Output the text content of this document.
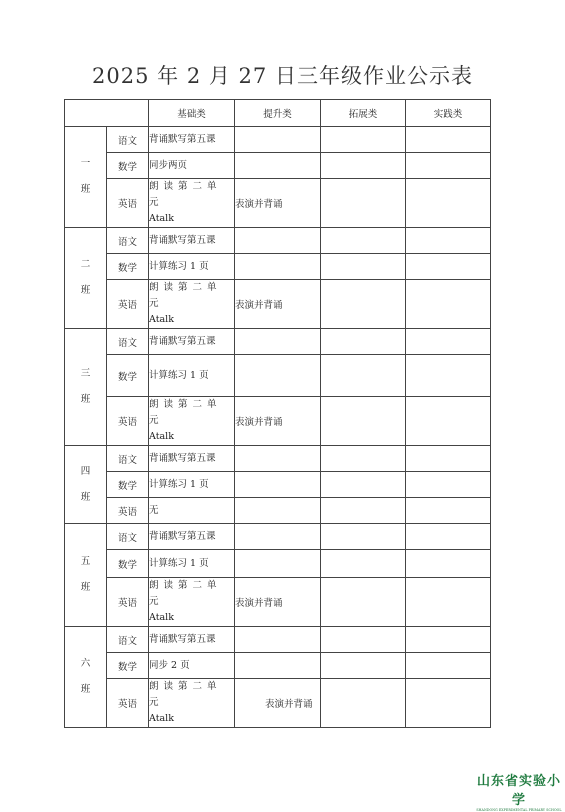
2025 年 2 月 27 日三年级作业公示表
		基础类	提升类	拓展类	实践类

一
班	语文	背诵默写第五课			
	数学	同步两页			
	英语	朗读第二单元
Atalk	表演并背诵		

二
班	语文	背诵默写第五课			
	数学	计算练习 1 页			
	英语	朗读第二单元
Atalk	表演并背诵		

三
班	语文	背诵默写第五课			
	数学	计算练习 1 页			
	英语	朗读第二单元
Atalk	表演并背诵		

四
班	语文	背诵默写第五课			
	数学	计算练习 1 页			
	英语	无			

五
班	语文	背诵默写第五课			
	数学	计算练习 1 页			
	英语	朗读第二单元
Atalk	表演并背诵		

六
班	语文	背诵默写第五课			
	数学	同步 2 页			
	英语	朗读第二单元
Atalk	表演并背诵		
山东省实验小学
SHANDONG EXPERIMENTAL PRIMARY SCHOOL
